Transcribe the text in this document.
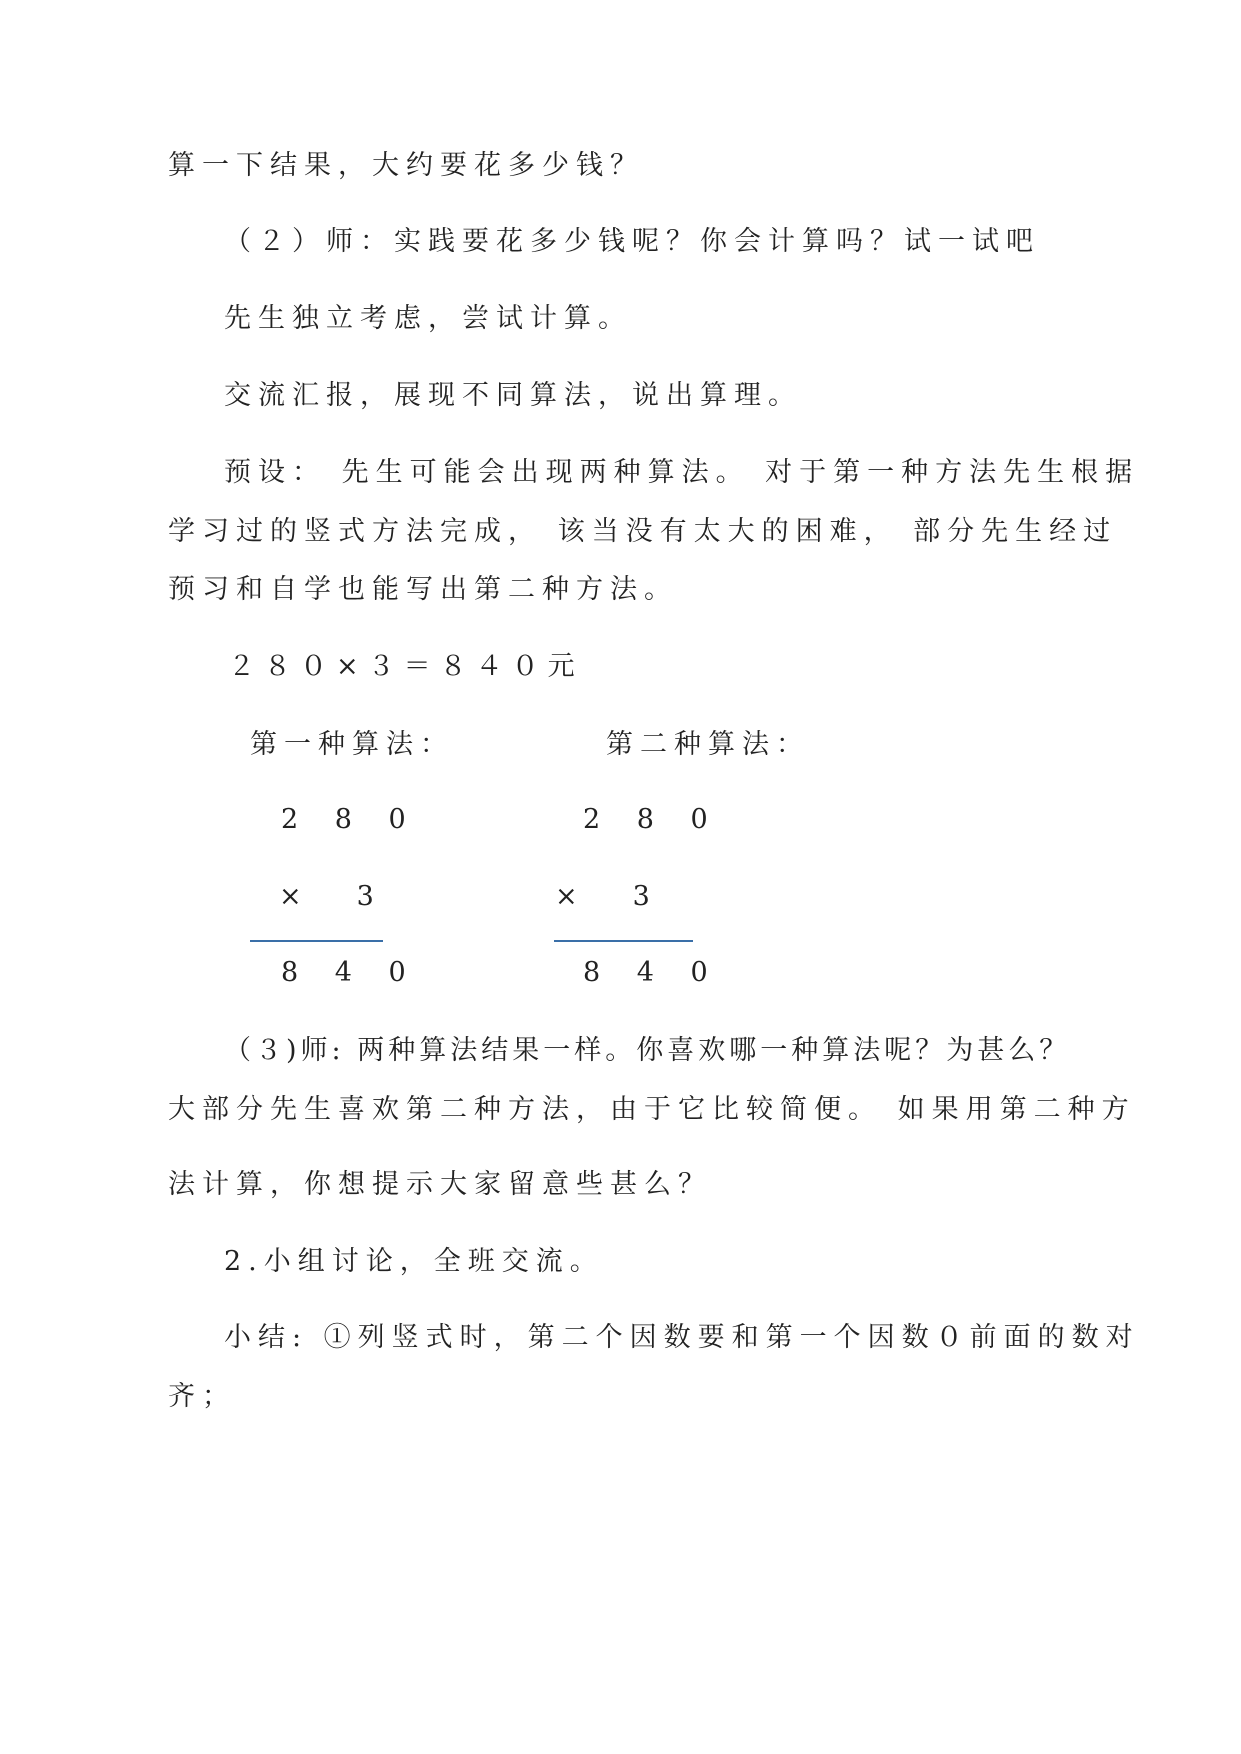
算一下结果，大约要花多少钱？
（２）师：实践要花多少钱呢？你会计算吗？试一试吧
先生独立考虑，尝试计算。
交流汇报，展现不同算法，说出算理。
预设： 先生可能会出现两种算法。 对于第一种方法先生根据
学习过的竖式方法完成， 该当没有太大的困难， 部分先生经过
预习和自学也能写出第二种方法。
２８０×３＝８４０元
第一种算法：	第二种算法：
2 8 0
×　3
8 4 0
2 8 0
×　3
8 4 0
（３)师: 两种算法结果一样。你喜欢哪一种算法呢？为甚么？
大部分先生喜欢第二种方法，由于它比较简便。 如果用第二种方
法计算，你想提示大家留意些甚么？
2.小组讨论，全班交流。
小结: ①列竖式时，第二个因数要和第一个因数０前面的数对
齐；
